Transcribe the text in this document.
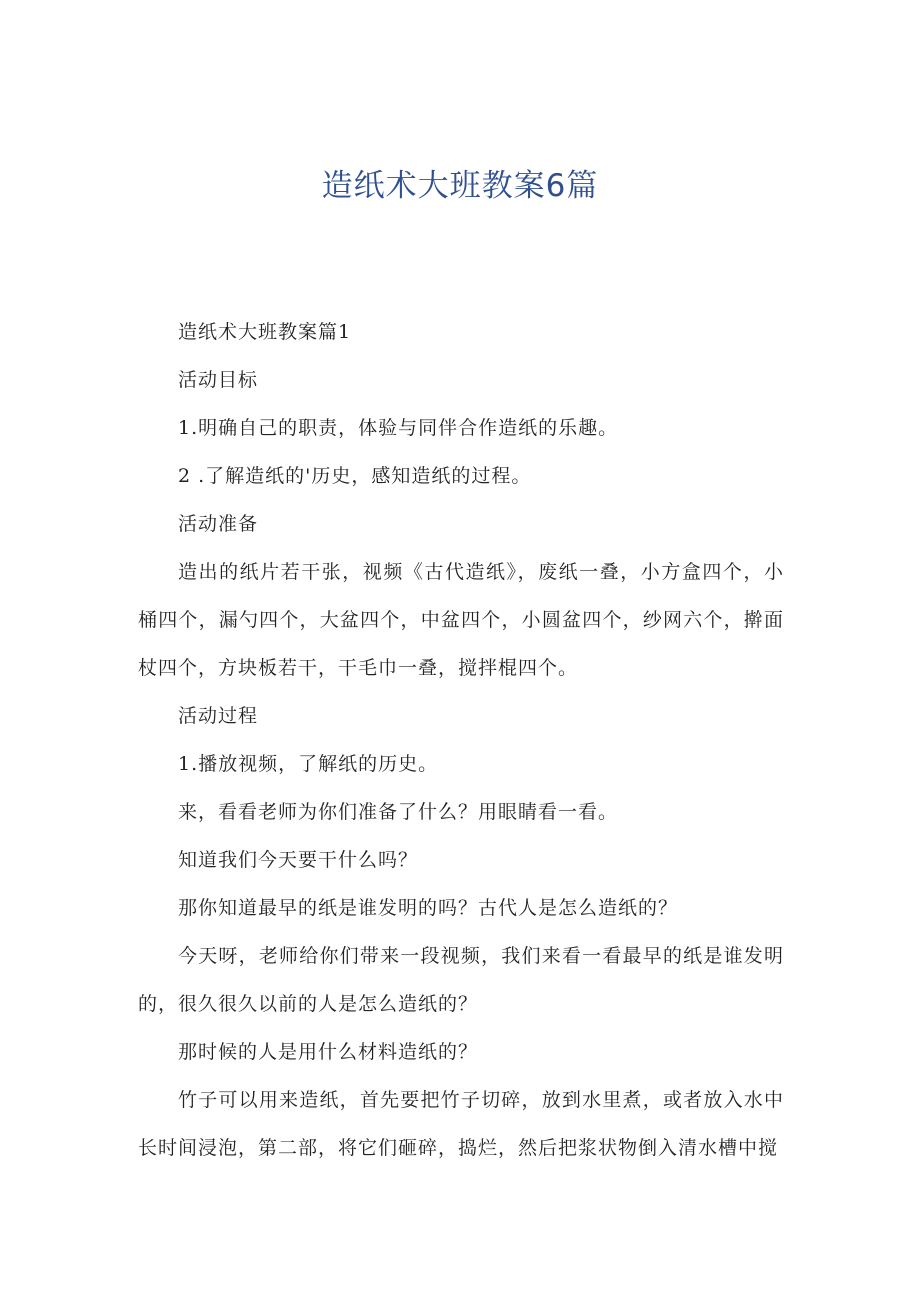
造纸术大班教案6篇

造纸术大班教案篇1

活动目标

1.明确自己的职责，体验与同伴合作造纸的乐趣。

2 .了解造纸的'历史，感知造纸的过程。

活动准备

造出的纸片若干张，视频《古代造纸》，废纸一叠，小方盒四个，小桶四个，漏勺四个，大盆四个，中盆四个，小圆盆四个，纱网六个，擀面杖四个，方块板若干，干毛巾一叠，搅拌棍四个。

活动过程

1.播放视频，了解纸的历史。

来，看看老师为你们准备了什么？用眼睛看一看。

知道我们今天要干什么吗？

那你知道最早的纸是谁发明的吗？古代人是怎么造纸的？

今天呀，老师给你们带来一段视频，我们来看一看最早的纸是谁发明的，很久很久以前的人是怎么造纸的？

那时候的人是用什么材料造纸的？

竹子可以用来造纸，首先要把竹子切碎，放到水里煮，或者放入水中长时间浸泡，第二部，将它们砸碎，捣烂，然后把浆状物倒入清水槽中搅
